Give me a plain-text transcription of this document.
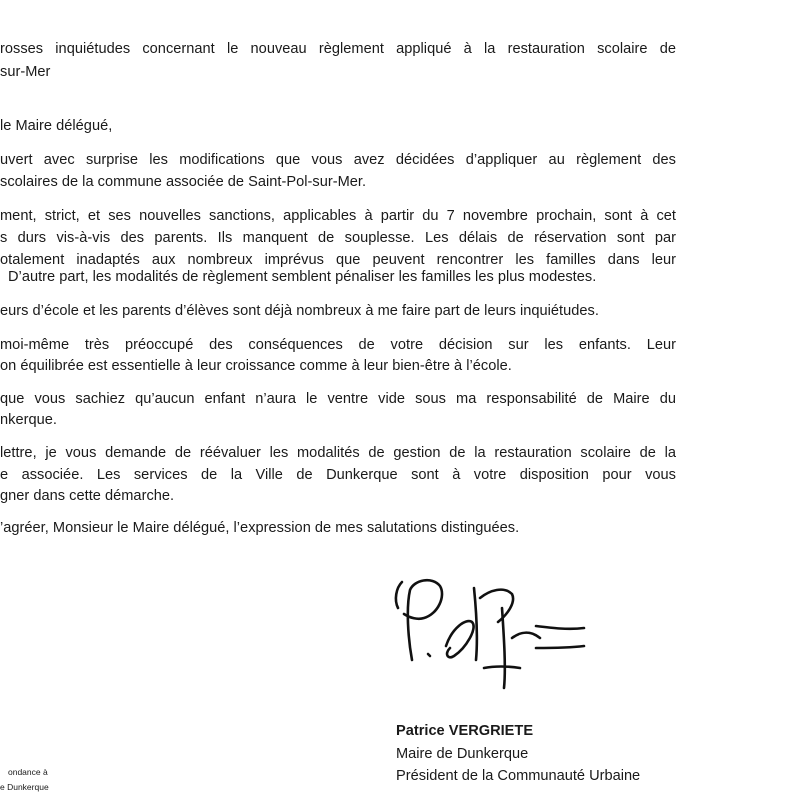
rosses inquiétudes concernant le nouveau règlement appliqué à la restauration scolaire de
sur-Mer
le Maire délégué,
uvert avec surprise les modifications que vous avez décidées d’appliquer au règlement des
scolaires de la commune associée de Saint-Pol-sur-Mer.
ment, strict, et ses nouvelles sanctions, applicables à partir du 7 novembre prochain, sont à cet
s durs vis-à-vis des parents. Ils manquent de souplesse. Les délais de réservation sont par
otalement inadaptés aux nombreux imprévus que peuvent rencontrer les familles dans leur
D’autre part, les modalités de règlement semblent pénaliser les familles les plus modestes.
eurs d’école et les parents d’élèves sont déjà nombreux à me faire part de leurs inquiétudes.
moi-même très préoccupé des conséquences de votre décision sur les enfants. Leur
on équilibrée est essentielle à leur croissance comme à leur bien-être à l’école.
que vous sachiez qu’aucun enfant n’aura le ventre vide sous ma responsabilité de Maire du
nkerque.
lettre, je vous demande de réévaluer les modalités de gestion de la restauration scolaire de la
e associée. Les services de la Ville de Dunkerque sont à votre disposition pour vous
gner dans cette démarche.
’agréer, Monsieur le Maire délégué, l’expression de mes salutations distinguées.
Patrice VERGRIETE
Maire de Dunkerque
Président de la Communauté Urbaine
ondance à
e Dunkerque
